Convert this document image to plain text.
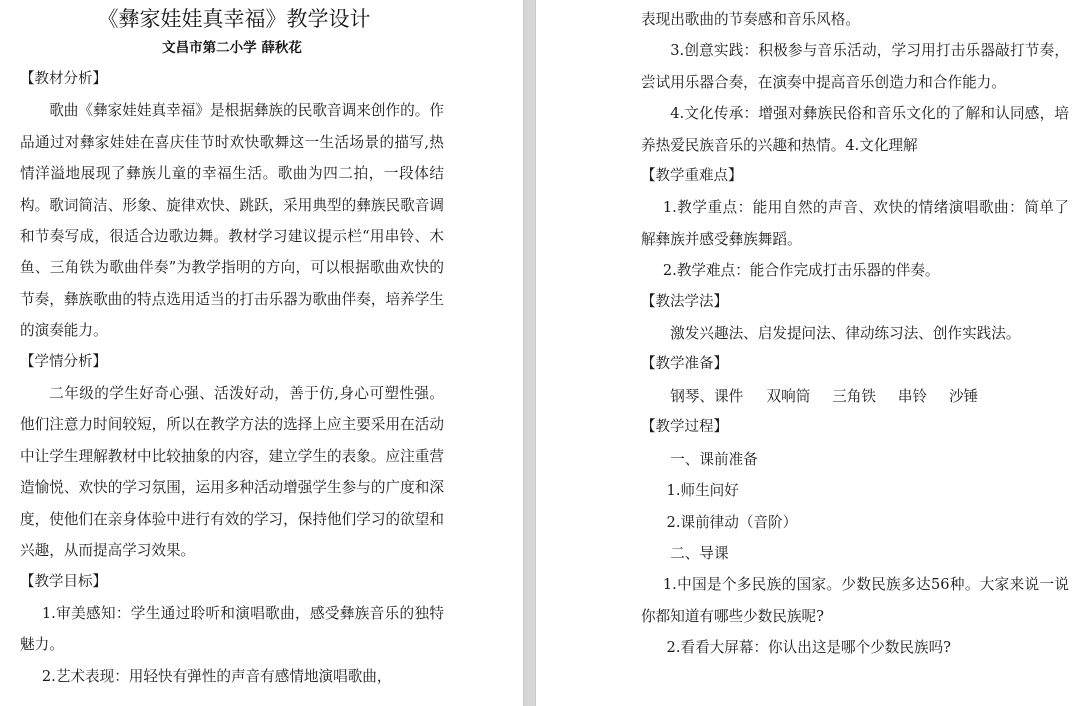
《彝家娃娃真幸福》教学设计

文昌市第二小学 薛秋花

【教材分析】

歌曲《彝家娃娃真幸福》是根据彝族的民歌音调来创作的。作品通过对彝家娃娃在喜庆佳节时欢快歌舞这一生活场景的描写,热情洋溢地展现了彝族儿童的幸福生活。歌曲为四二拍，一段体结构。歌词简洁、形象、旋律欢快、跳跃，采用典型的彝族民歌音调和节奏写成，很适合边歌边舞。教材学习建议提示栏“用串铃、木鱼、三角铁为歌曲伴奏”为教学指明的方向，可以根据歌曲欢快的节奏，彝族歌曲的特点选用适当的打击乐器为歌曲伴奏，培养学生的演奏能力。

【学情分析】

二年级的学生好奇心强、活泼好动，善于仿,身心可塑性强。他们注意力时间较短，所以在教学方法的选择上应主要采用在活动中让学生理解教材中比较抽象的内容，建立学生的表象。应注重营造愉悦、欢快的学习氛围，运用多种活动增强学生参与的广度和深度，使他们在亲身体验中进行有效的学习，保持他们学习的欲望和兴趣，从而提高学习效果。

【教学目标】

1.审美感知：学生通过聆听和演唱歌曲，感受彝族音乐的独特魅力。

2.艺术表现：用轻快有弹性的声音有感情地演唱歌曲，

表现出歌曲的节奏感和音乐风格。

3.创意实践：积极参与音乐活动，学习用打击乐器敲打节奏，尝试用乐器合奏，在演奏中提高音乐创造力和合作能力。

4.文化传承：增强对彝族民俗和音乐文化的了解和认同感，培养热爱民族音乐的兴趣和热情。4.文化理解

【教学重难点】

1.教学重点：能用自然的声音、欢快的情绪演唱歌曲：简单了解彝族并感受彝族舞蹈。

2.教学难点：能合作完成打击乐器的伴奏。

【教法学法】

激发兴趣法、启发提问法、律动练习法、创作实践法。

【教学准备】

钢琴、课件 双响筒 三角铁 串铃 沙锤

【教学过程】

一、课前准备

1.师生问好

2.课前律动（音阶）

二、导课

1.中国是个多民族的国家。少数民族多达56种。大家来说一说你都知道有哪些少数民族呢?

2.看看大屏幕：你认出这是哪个少数民族吗?
